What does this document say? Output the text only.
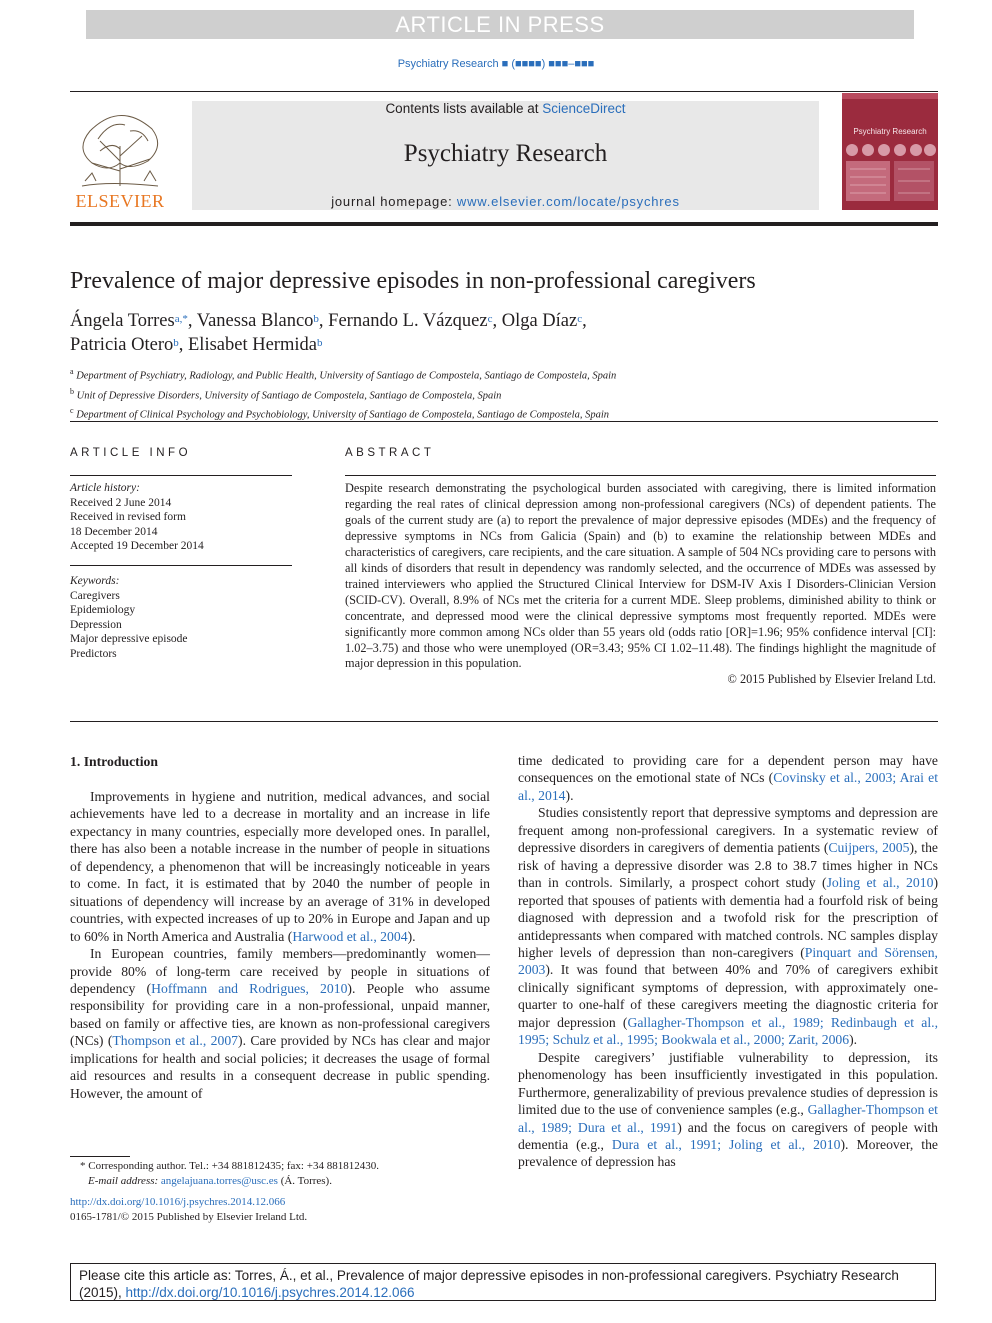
ARTICLE IN PRESS
Psychiatry Research ■ (■■■■) ■■■–■■■
ELSEVIER
Contents lists available at ScienceDirect
Psychiatry Research
journal homepage: www.elsevier.com/locate/psychres
Psychiatry Research
Prevalence of major depressive episodes in non-professional caregivers
Ángela Torres$^{a,*}$, Vanessa Blanco$^b$, Fernando L. Vázquez$^c$, Olga Díaz$^c$,
Patricia Otero$^b$, Elisabet Hermida$^b$
$^a$ Department of Psychiatry, Radiology, and Public Health, University of Santiago de Compostela, Santiago de Compostela, Spain
$^b$ Unit of Depressive Disorders, University of Santiago de Compostela, Santiago de Compostela, Spain
$^c$ Department of Clinical Psychology and Psychobiology, University of Santiago de Compostela, Santiago de Compostela, Spain
ARTICLE INFO
Article history:
Received 2 June 2014
Received in revised form
18 December 2014
Accepted 19 December 2014
Keywords:
Caregivers
Epidemiology
Depression
Major depressive episode
Predictors
ABSTRACT
Despite research demonstrating the psychological burden associated with caregiving, there is limited information regarding the real rates of clinical depression among non-professional caregivers (NCs) of dependent patients. The goals of the current study are (a) to report the prevalence of major depressive episodes (MDEs) and the frequency of depressive symptoms in NCs from Galicia (Spain) and (b) to examine the relationship between MDEs and characteristics of caregivers, care recipients, and the care situation. A sample of 504 NCs providing care to persons with all kinds of disorders that result in dependency was randomly selected, and the occurrence of MDEs was assessed by trained interviewers who applied the Structured Clinical Interview for DSM-IV Axis I Disorders-Clinician Version (SCID-CV). Overall, 8.9% of NCs met the criteria for a current MDE. Sleep problems, diminished ability to think or concentrate, and depressed mood were the clinical depressive symptoms most frequently reported. MDEs were significantly more common among NCs older than 55 years old (odds ratio [OR]=1.96; 95% confidence interval [CI]: 1.02–3.75) and those who were unemployed (OR=3.43; 95% CI 1.02–11.48). The findings highlight the magnitude of major depression in this population.
© 2015 Published by Elsevier Ireland Ltd.
1. Introduction

Improvements in hygiene and nutrition, medical advances, and social achievements have led to a decrease in mortality and an increase in life expectancy in many countries, especially more developed ones. In parallel, there has also been a notable increase in the number of people in situations of dependency, a phenomenon that will be increasingly noticeable in years to come. In fact, it is estimated that by 2040 the number of people in situations of dependency will increase by an average of 31% in developed countries, with expected increases of up to 20% in Europe and Japan and up to 60% in North America and Australia (Harwood et al., 2004).

In European countries, family members—predominantly women—provide 80% of long-term care received by people in situations of dependency (Hoffmann and Rodrigues, 2010). People who assume responsibility for providing care in a non-professional, unpaid manner, based on family or affective ties, are known as non-professional caregivers (NCs) (Thompson et al., 2007). Care provided by NCs has clear and major implications for health and social policies; it decreases the usage of formal aid resources and results in a consequent decrease in public spending. However, the amount of

time dedicated to providing care for a dependent person may have consequences on the emotional state of NCs (Covinsky et al., 2003; Arai et al., 2014).

Studies consistently report that depressive symptoms and depression are frequent among non-professional caregivers. In a systematic review of depressive disorders in caregivers of dementia patients (Cuijpers, 2005), the risk of having a depressive disorder was 2.8 to 38.7 times higher in NCs than in controls. Similarly, a prospect cohort study (Joling et al., 2010) reported that spouses of patients with dementia had a fourfold risk of being diagnosed with depression and a twofold risk for the prescription of antidepressants when compared with matched controls. NC samples display higher levels of depression than non-caregivers (Pinquart and Sörensen, 2003). It was found that between 40% and 70% of caregivers exhibit clinically significant symptoms of depression, with approximately one-quarter to one-half of these caregivers meeting the diagnostic criteria for major depression (Gallagher-Thompson et al., 1989; Redinbaugh et al., 1995; Schulz et al., 1995; Bookwala et al., 2000; Zarit, 2006).

Despite caregivers’ justifiable vulnerability to depression, its phenomenology has been insufficiently investigated in this population. Furthermore, generalizability of previous prevalence studies of depression is limited due to the use of convenience samples (e.g., Gallagher-Thompson et al., 1989; Dura et al., 1991) and the focus on caregivers of people with dementia (e.g., Dura et al., 1991; Joling et al., 2010). Moreover, the prevalence of depression has

* Corresponding author. Tel.: +34 881812435; fax: +34 881812430.
E-mail address: angelajuana.torres@usc.es (Á. Torres).
http://dx.doi.org/10.1016/j.psychres.2014.12.066
0165-1781/© 2015 Published by Elsevier Ireland Ltd.
Please cite this article as: Torres, Á., et al., Prevalence of major depressive episodes in non-professional caregivers. Psychiatry Research (2015), http://dx.doi.org/10.1016/j.psychres.2014.12.066
